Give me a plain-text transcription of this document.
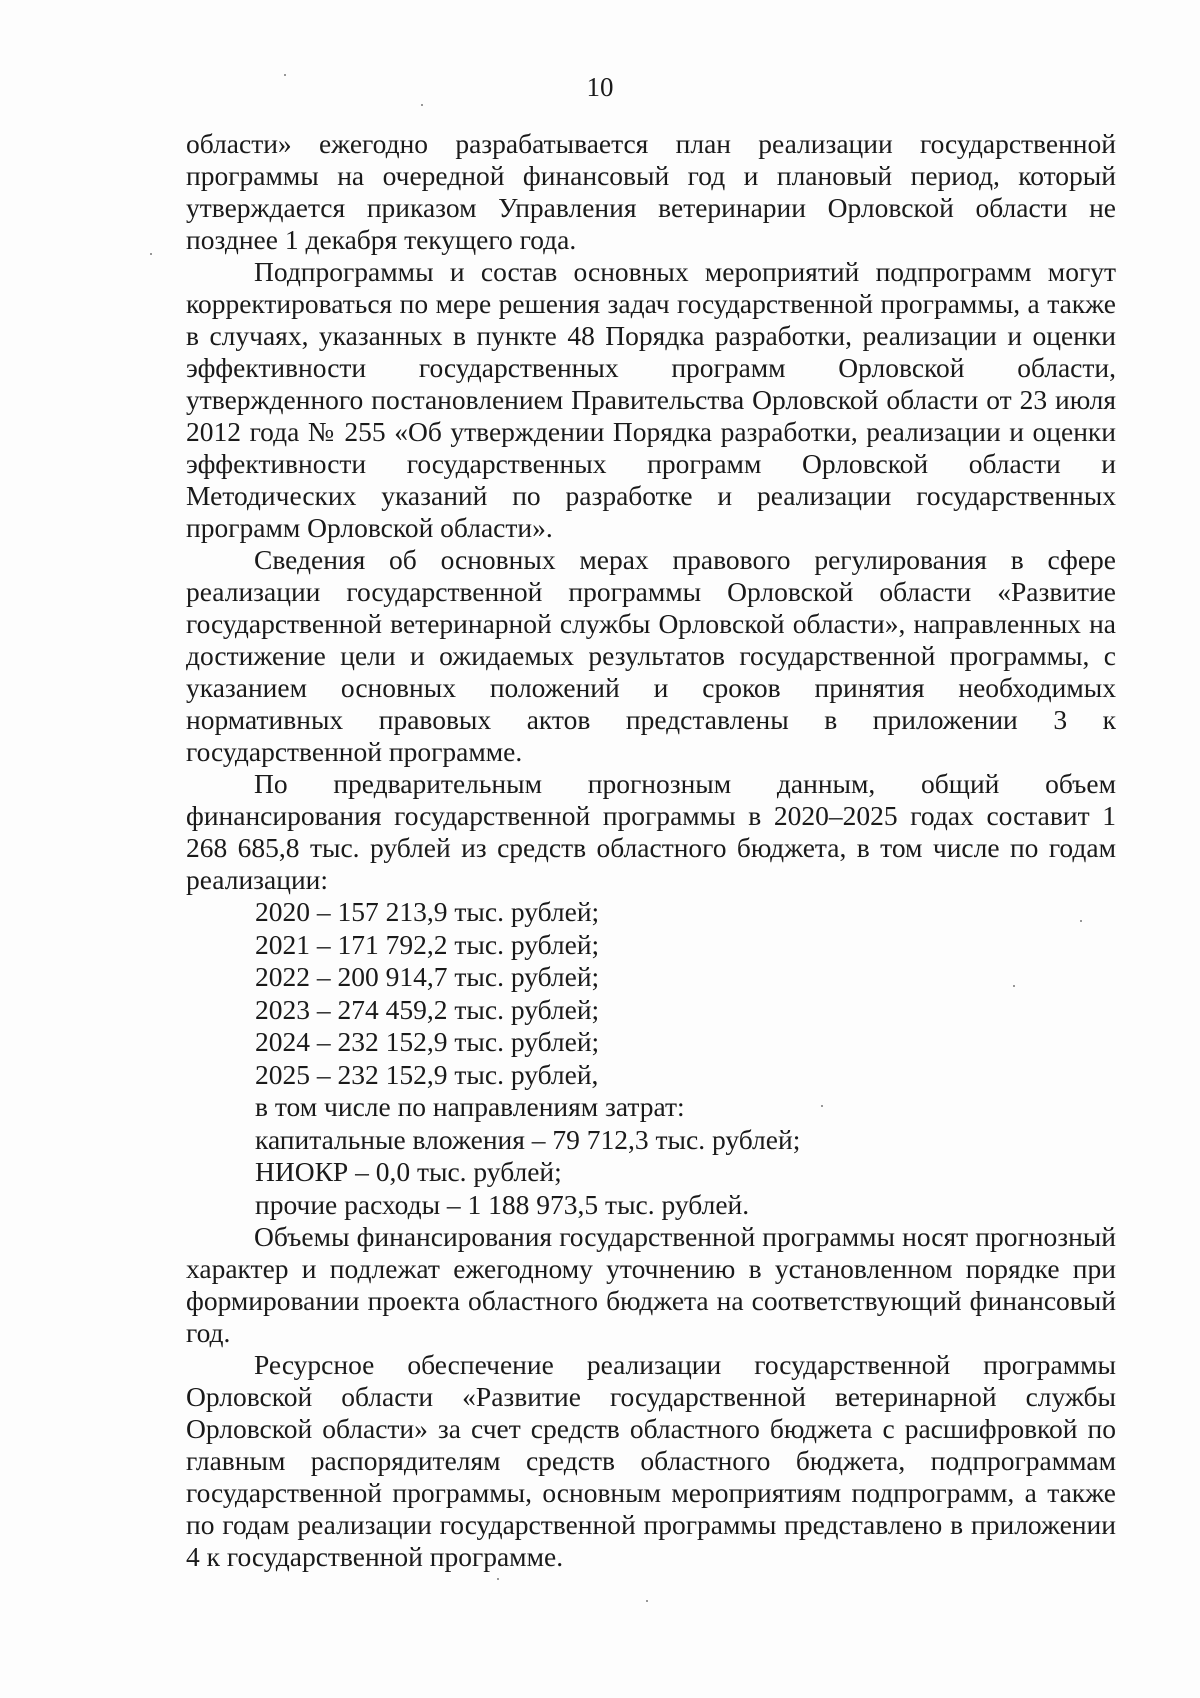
10

области» ежегодно разрабатывается план реализации государственной программы на очередной финансовый год и плановый период, который утверждается приказом Управления ветеринарии Орловской области не позднее 1 декабря текущего года.

Подпрограммы и состав основных мероприятий подпрограмм могут корректироваться по мере решения задач государственной программы, а также в случаях, указанных в пункте 48 Порядка разработки, реализации и оценки эффективности государственных программ Орловской области, утвержденного постановлением Правительства Орловской области от 23 июля 2012 года № 255 «Об утверждении Порядка разработки, реализации и оценки эффективности государственных программ Орловской области и Методических указаний по разработке и реализации государственных программ Орловской области».

Сведения об основных мерах правового регулирования в сфере реализации государственной программы Орловской области «Развитие государственной ветеринарной службы Орловской области», направленных на достижение цели и ожидаемых результатов государственной программы, с указанием основных положений и сроков принятия необходимых нормативных правовых актов представлены в приложении 3 к государственной программе.

По предварительным прогнозным данным, общий объем финансирования государственной программы в 2020–2025 годах составит 1 268 685,8 тыс. рублей из средств областного бюджета, в том числе по годам реализации:

2020 – 157 213,9 тыс. рублей;

2021 – 171 792,2 тыс. рублей;

2022 – 200 914,7 тыс. рублей;

2023 – 274 459,2 тыс. рублей;

2024 – 232 152,9 тыс. рублей;

2025 – 232 152,9 тыс. рублей,

в том числе по направлениям затрат:

капитальные вложения – 79 712,3 тыс. рублей;

НИОКР – 0,0 тыс. рублей;

прочие расходы – 1 188 973,5 тыс. рублей.

Объемы финансирования государственной программы носят прогнозный характер и подлежат ежегодному уточнению в установленном порядке при формировании проекта областного бюджета на соответствующий финансовый год.

Ресурсное обеспечение реализации государственной программы Орловской области «Развитие государственной ветеринарной службы Орловской области» за счет средств областного бюджета с расшифровкой по главным распорядителям средств областного бюджета, подпрограммам государственной программы, основным мероприятиям подпрограмм, а также по годам реализации государственной программы представлено в приложении 4 к государственной программе.
